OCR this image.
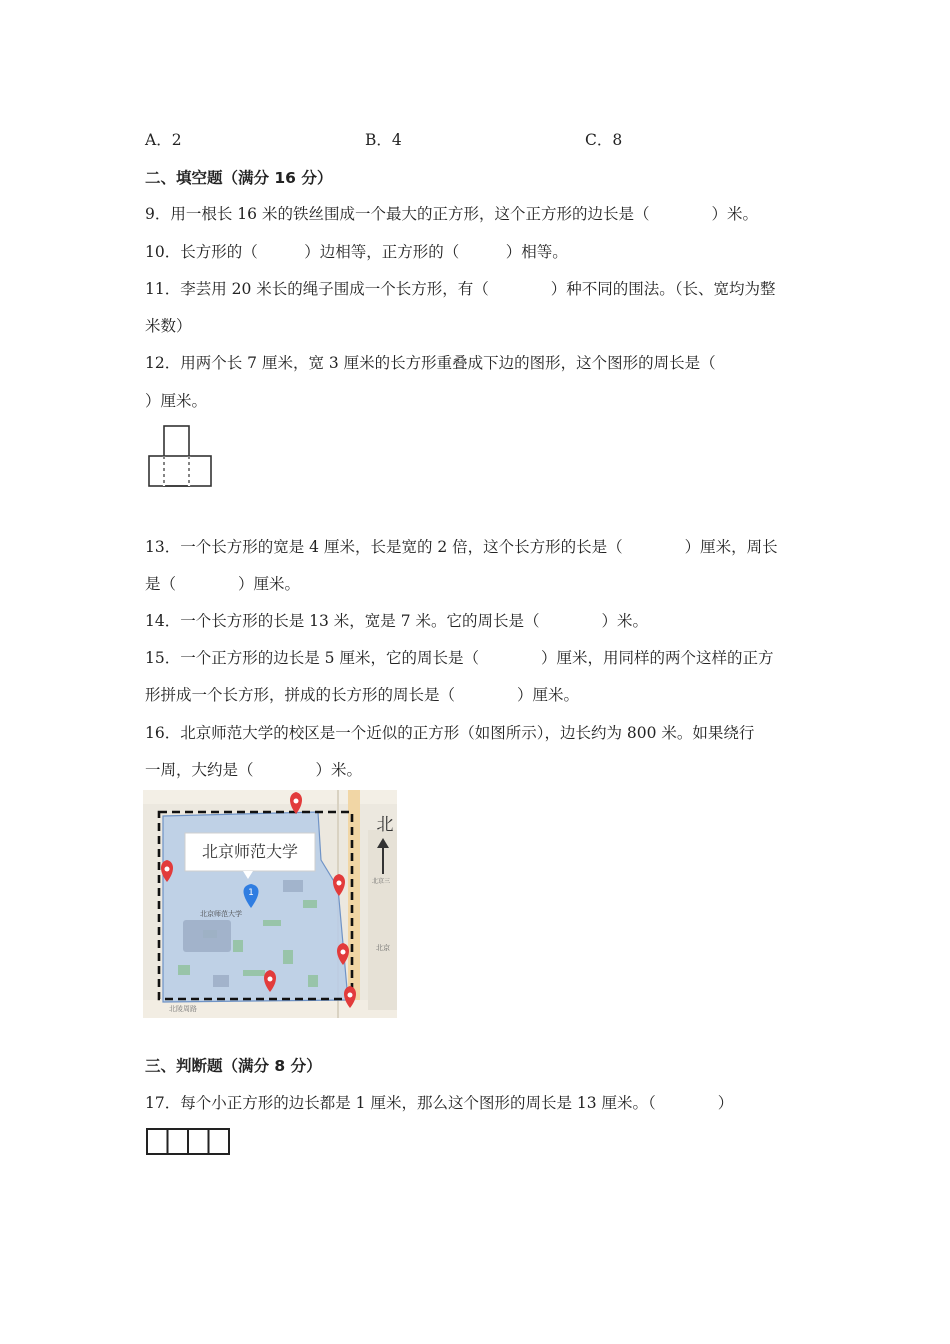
A．2	B．4	C．8
二、填空题（满分 16 分）
9．用一根长 16 米的铁丝围成一个最大的正方形，这个正方形的边长是（　　　　）米。
10．长方形的（　　　）边相等，正方形的（　　　）相等。
11．李芸用 20 米长的绳子围成一个长方形，有（　　　　）种不同的围法。（长、宽均为整
米数）
12．用两个长 7 厘米，宽 3 厘米的长方形重叠成下边的图形，这个图形的周长是（
）厘米。
13．一个长方形的宽是 4 厘米，长是宽的 2 倍，这个长方形的长是（　　　　）厘米，周长
是（　　　　）厘米。
14．一个长方形的长是 13 米，宽是 7 米。它的周长是（　　　　）米。
15．一个正方形的边长是 5 厘米，它的周长是（　　　　）厘米，用同样的两个这样的正方
形拼成一个长方形，拼成的长方形的周长是（　　　　）厘米。
16．北京师范大学的校区是一个近似的正方形（如图所示），边长约为 800 米。如果绕行
一周，大约是（　　　　）米。
北京师范大学
北
北京三
北京
北京师范大学
北陵周路
1
三、判断题（满分 8 分）
17．每个小正方形的边长都是 1 厘米，那么这个图形的周长是 13 厘米。（　　　　）
